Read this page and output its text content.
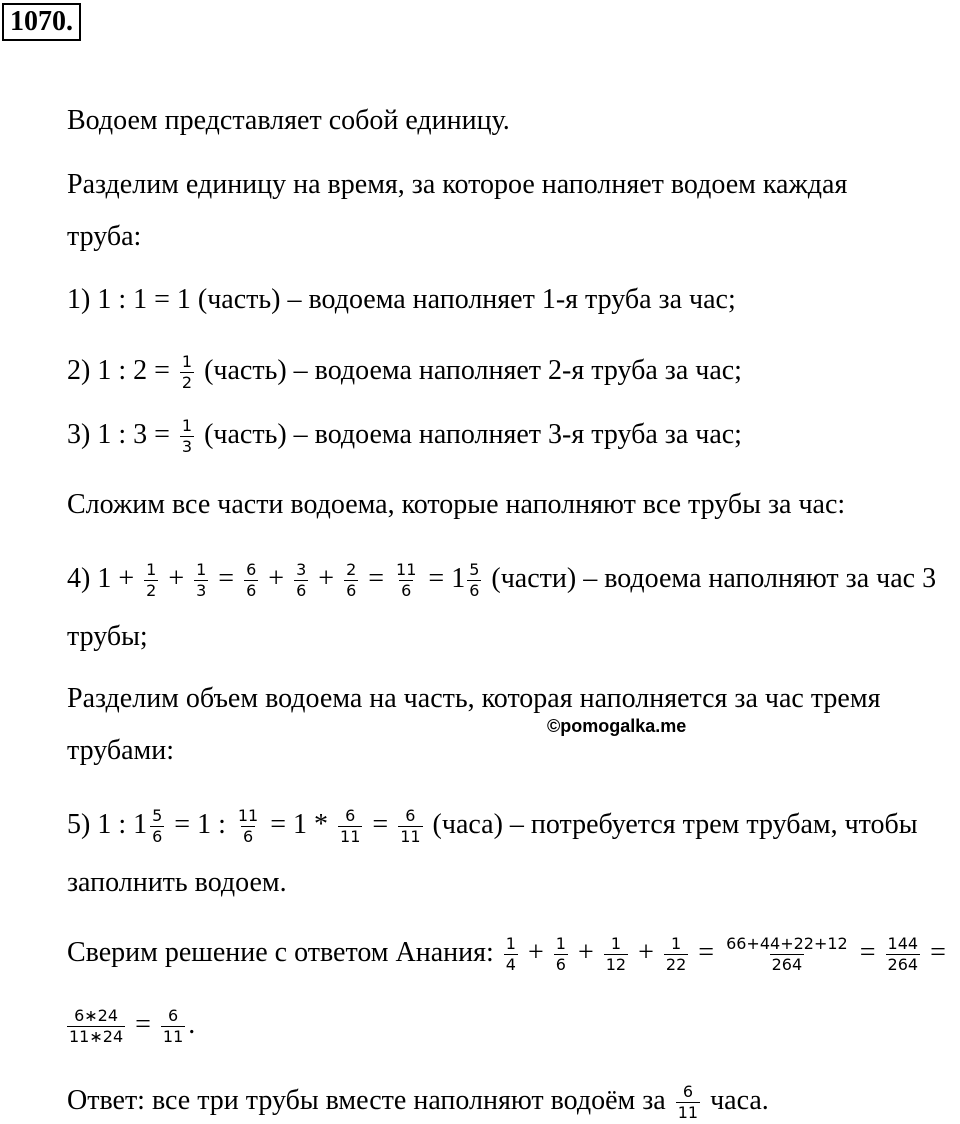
1070.
Водоем представляет собой единицу.
Разделим единицу на время, за которое наполняет водоем каждая
труба:
1) 1 : 1 = 1 (часть) – водоема наполняет 1-я труба за час;
2) 1 : $2 = \frac{1}{2}$ (часть) – водоема наполняет 2-я труба за час;
3) 1 : $3 = \frac{1}{3}$ (часть) – водоема наполняет 3-я труба за час;
Сложим все части водоема, которые наполняют все трубы за час:
4) $1 + \frac{1}{2} + \frac{1}{3} = \frac{6}{6} + \frac{3}{6} + \frac{2}{6} = \frac{11}{6} = 1 \frac{5}{6}$ (части) – водоема наполняют за час 3
трубы;
Разделим объем водоема на часть, которая наполняется за час тремя
трубами:
©pomogalka.me
5) 1 : $1 \frac{5}{6} = 1$ : $\frac{11}{6} = 1 * \frac{6}{11} = \frac{6}{11}$ (часа) – потребуется трем трубам, чтобы
заполнить водоем.
Сверим решение с ответом Анания: $\frac{1}{4} + \frac{1}{6} + \frac{1}{12} + \frac{1}{22} = \frac{66+44+22+12}{264} = \frac{144}{264}$ =
$\frac{6∗24}{11∗24} = \frac{6}{11}$ .
Ответ: все три трубы вместе наполняют водоём за $\frac{6}{11}$ часа.
